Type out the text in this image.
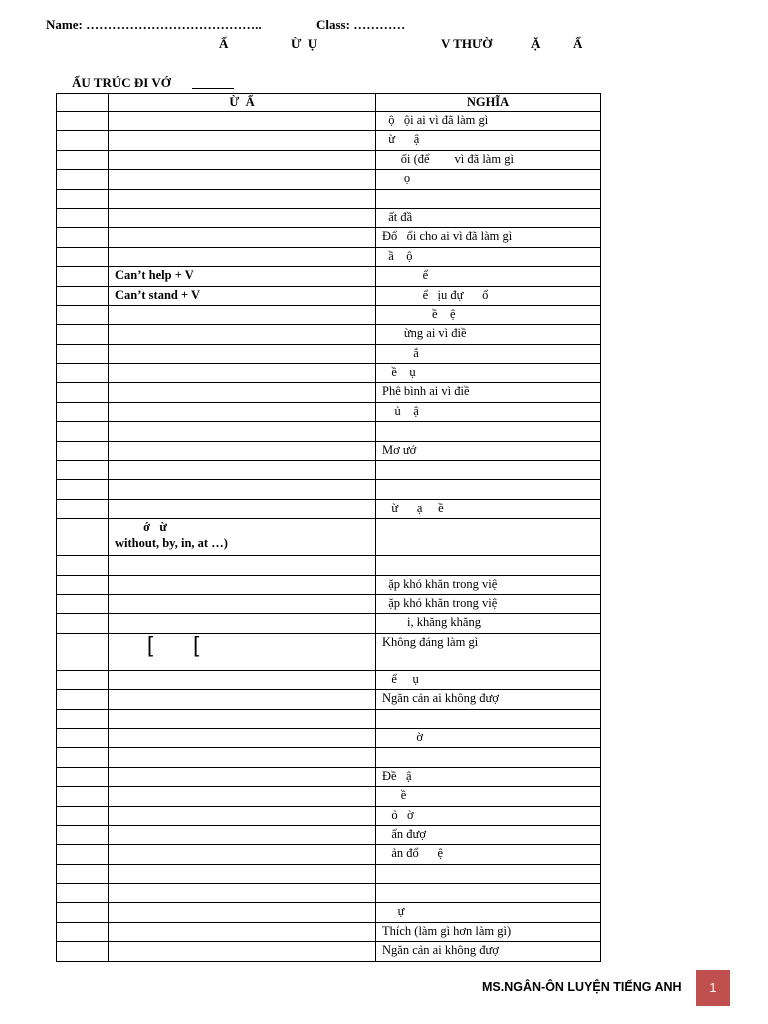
Name: …………………………………..	Class: …………
Ấ	Ừ  Ụ	V THƯỜ	Ặ	Ấ
ẤU TRÚC ĐI VỚ
	Ừ  Ấ	NGHĨA
		ộ   ội ai vì đã làm gì
		ừ      ậ
		ối (để        vì đã làm gì
		ọ

		ất đầ
		Đổ   ổi cho ai vì đã làm gì
		ầ    ộ
	Can’t help + V	ể
	Can’t stand + V	ể   ịu đự      ổ
		ề    ệ
		ừng ai vì điề
		ắ
		ề    ụ
		Phê bình ai vì điề
		ủ    ậ

		Mơ ướ

		ừ      ạ     ề
	ớ   ừ
without, by, in, at …)	

		ặp khó khăn trong việ
		ặp khó khăn trong việ
		i, khăng khăng
	[ [	Không đáng làm gì
		ể     ụ
		Ngăn cản ai không đượ

		ờ

		Đề   ậ
		ề
		ỏ   ờ
		ẩn đượ
		ản đổ      ệ

		ự
		Thích (làm gì hơn làm gì)
		Ngăn cản ai không đượ
MS.NGÂN-ÔN LUYỆN TIẾNG ANH	1
